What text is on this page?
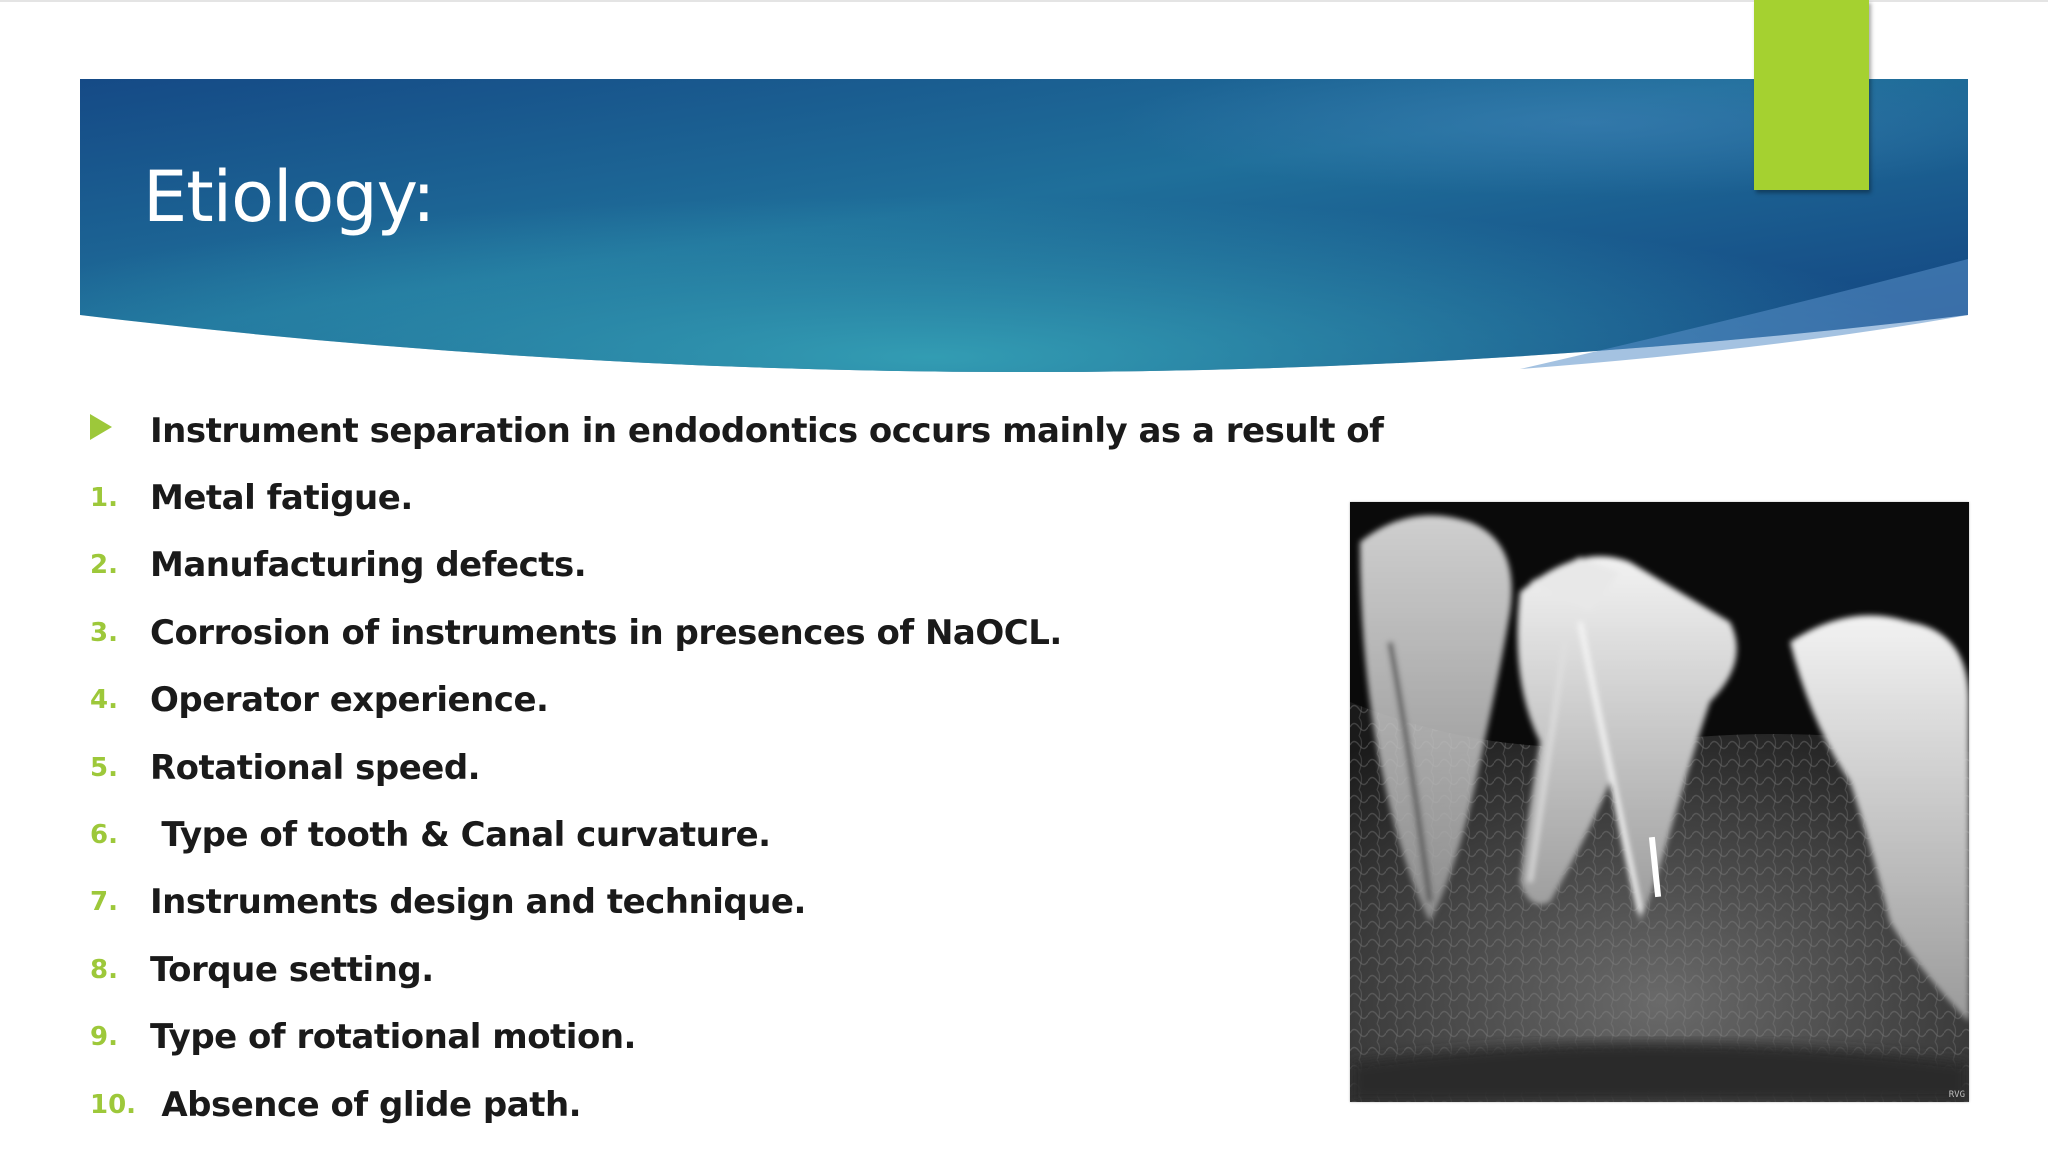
Etiology:
Instrument separation in endodontics occurs mainly as a result of
1. Metal fatigue.
2. Manufacturing defects.
3. Corrosion of instruments in presences of NaOCL.
4. Operator experience.
5. Rotational speed.
6. Type of tooth & Canal curvature.
7. Instruments design and technique.
8. Torque setting.
9. Type of rotational motion.
10. Absence of glide path.	RVG
